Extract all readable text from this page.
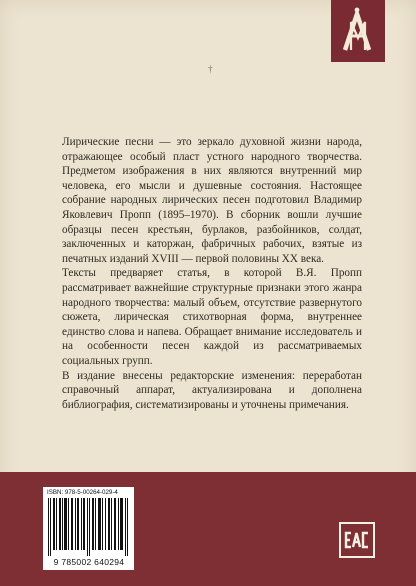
†

Лирические песни — это зеркало духовной жизни народа, отражающее особый пласт устного народного творчества. Предметом изображения в них являются внутренний мир человека, его мысли и душевные состояния. Настоящее собрание народных лирических песен подготовил Владимир Яковлевич Пропп (1895–1970). В сборник вошли лучшие образцы песен крестьян, бурлаков, разбойников, солдат, заключенных и каторжан, фабричных рабочих, взятые из печатных изданий XVIII — первой половины XX века.

Тексты предваряет статья, в которой В.Я. Пропп рассматривает важнейшие структурные признаки этого жанра народного творчества: малый объем, отсутствие развернутого сюжета, лирическая стихотворная форма, внутреннее единство слова и напева. Обращает внимание исследователь и на особенности песен каждой из рассматриваемых социальных групп.

В издание внесены редакторские изменения: переработан справочный аппарат, актуализирована и дополнена библиография, систематизированы и уточнены примечания.

ISBN: 978-5-00264-029-4
9 785002 640294
